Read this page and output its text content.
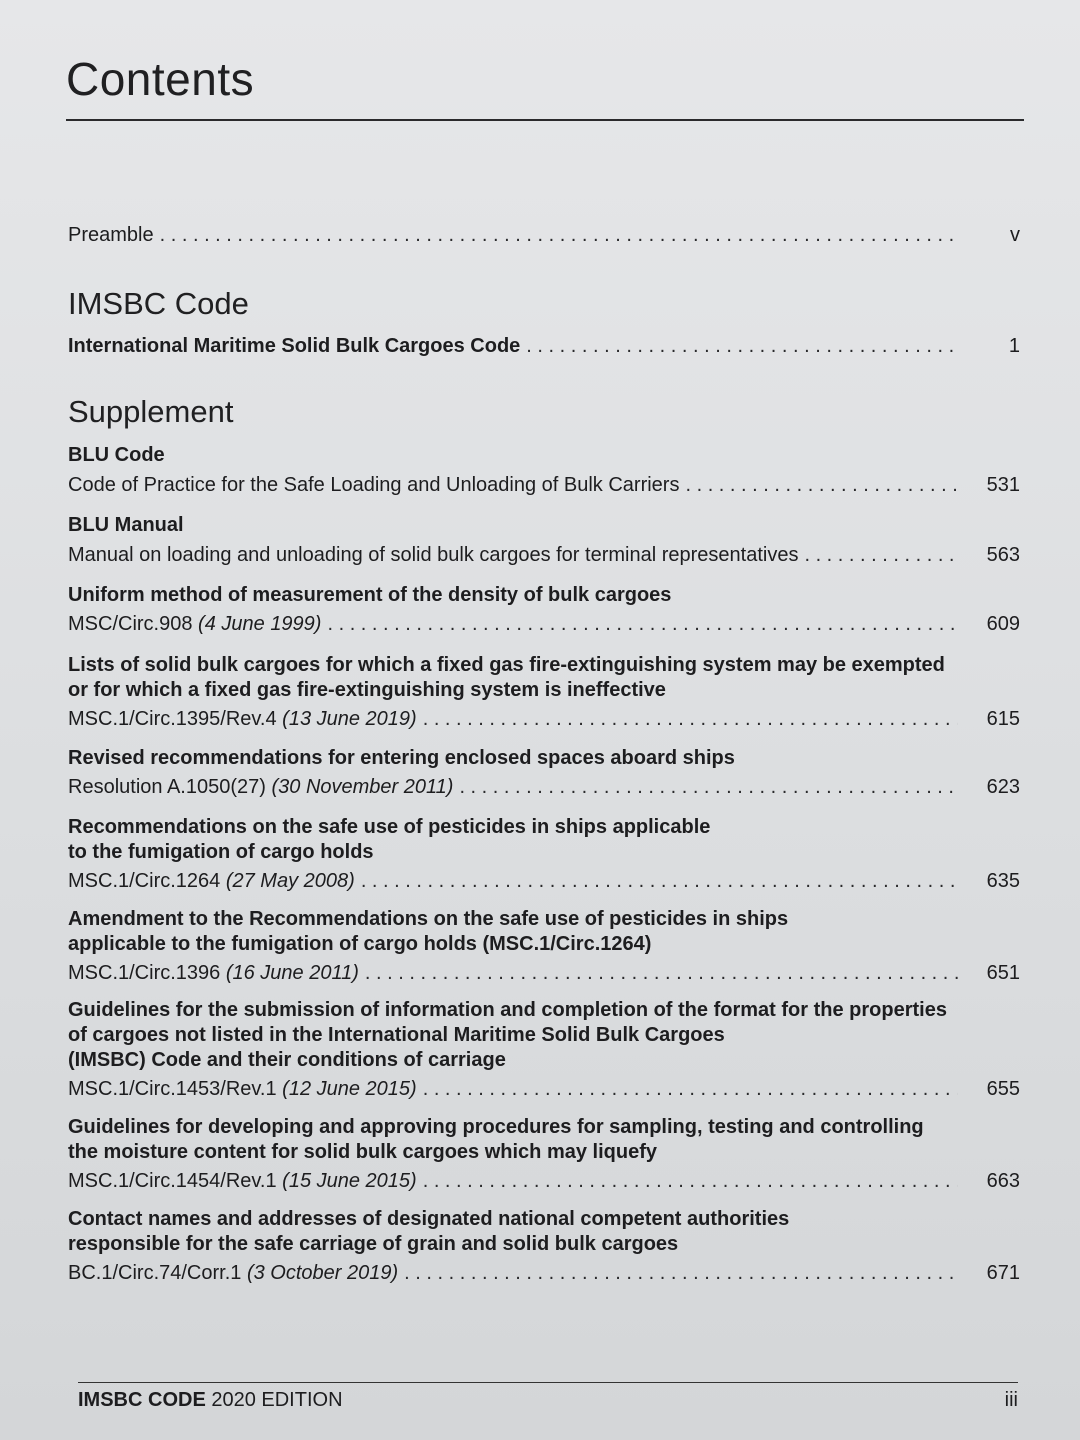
Contents
Preamble . . .	v
IMSBC Code
International Maritime Solid Bulk Cargoes Code . . .	1
Supplement
BLU Code
Code of Practice for the Safe Loading and Unloading of Bulk Carriers . . .	531
BLU Manual
Manual on loading and unloading of solid bulk cargoes for terminal representatives . . .	563
Uniform method of measurement of the density of bulk cargoes
MSC/Circ.908 (4 June 1999) . . .	609
Lists of solid bulk cargoes for which a fixed gas fire-extinguishing system may be exempted
or for which a fixed gas fire-extinguishing system is ineffective
MSC.1/Circ.1395/Rev.4 (13 June 2019) . . .	615
Revised recommendations for entering enclosed spaces aboard ships
Resolution A.1050(27) (30 November 2011) . . .	623
Recommendations on the safe use of pesticides in ships applicable
to the fumigation of cargo holds
MSC.1/Circ.1264 (27 May 2008) . . .	635
Amendment to the Recommendations on the safe use of pesticides in ships
applicable to the fumigation of cargo holds (MSC.1/Circ.1264)
MSC.1/Circ.1396 (16 June 2011) . . .	651
Guidelines for the submission of information and completion of the format for the properties
of cargoes not listed in the International Maritime Solid Bulk Cargoes
(IMSBC) Code and their conditions of carriage
MSC.1/Circ.1453/Rev.1 (12 June 2015) . . .	655
Guidelines for developing and approving procedures for sampling, testing and controlling
the moisture content for solid bulk cargoes which may liquefy
MSC.1/Circ.1454/Rev.1 (15 June 2015) . . .	663
Contact names and addresses of designated national competent authorities
responsible for the safe carriage of grain and solid bulk cargoes
BC.1/Circ.74/Corr.1 (3 October 2019) . . .	671
IMSBC CODE 2020 EDITION	iii
